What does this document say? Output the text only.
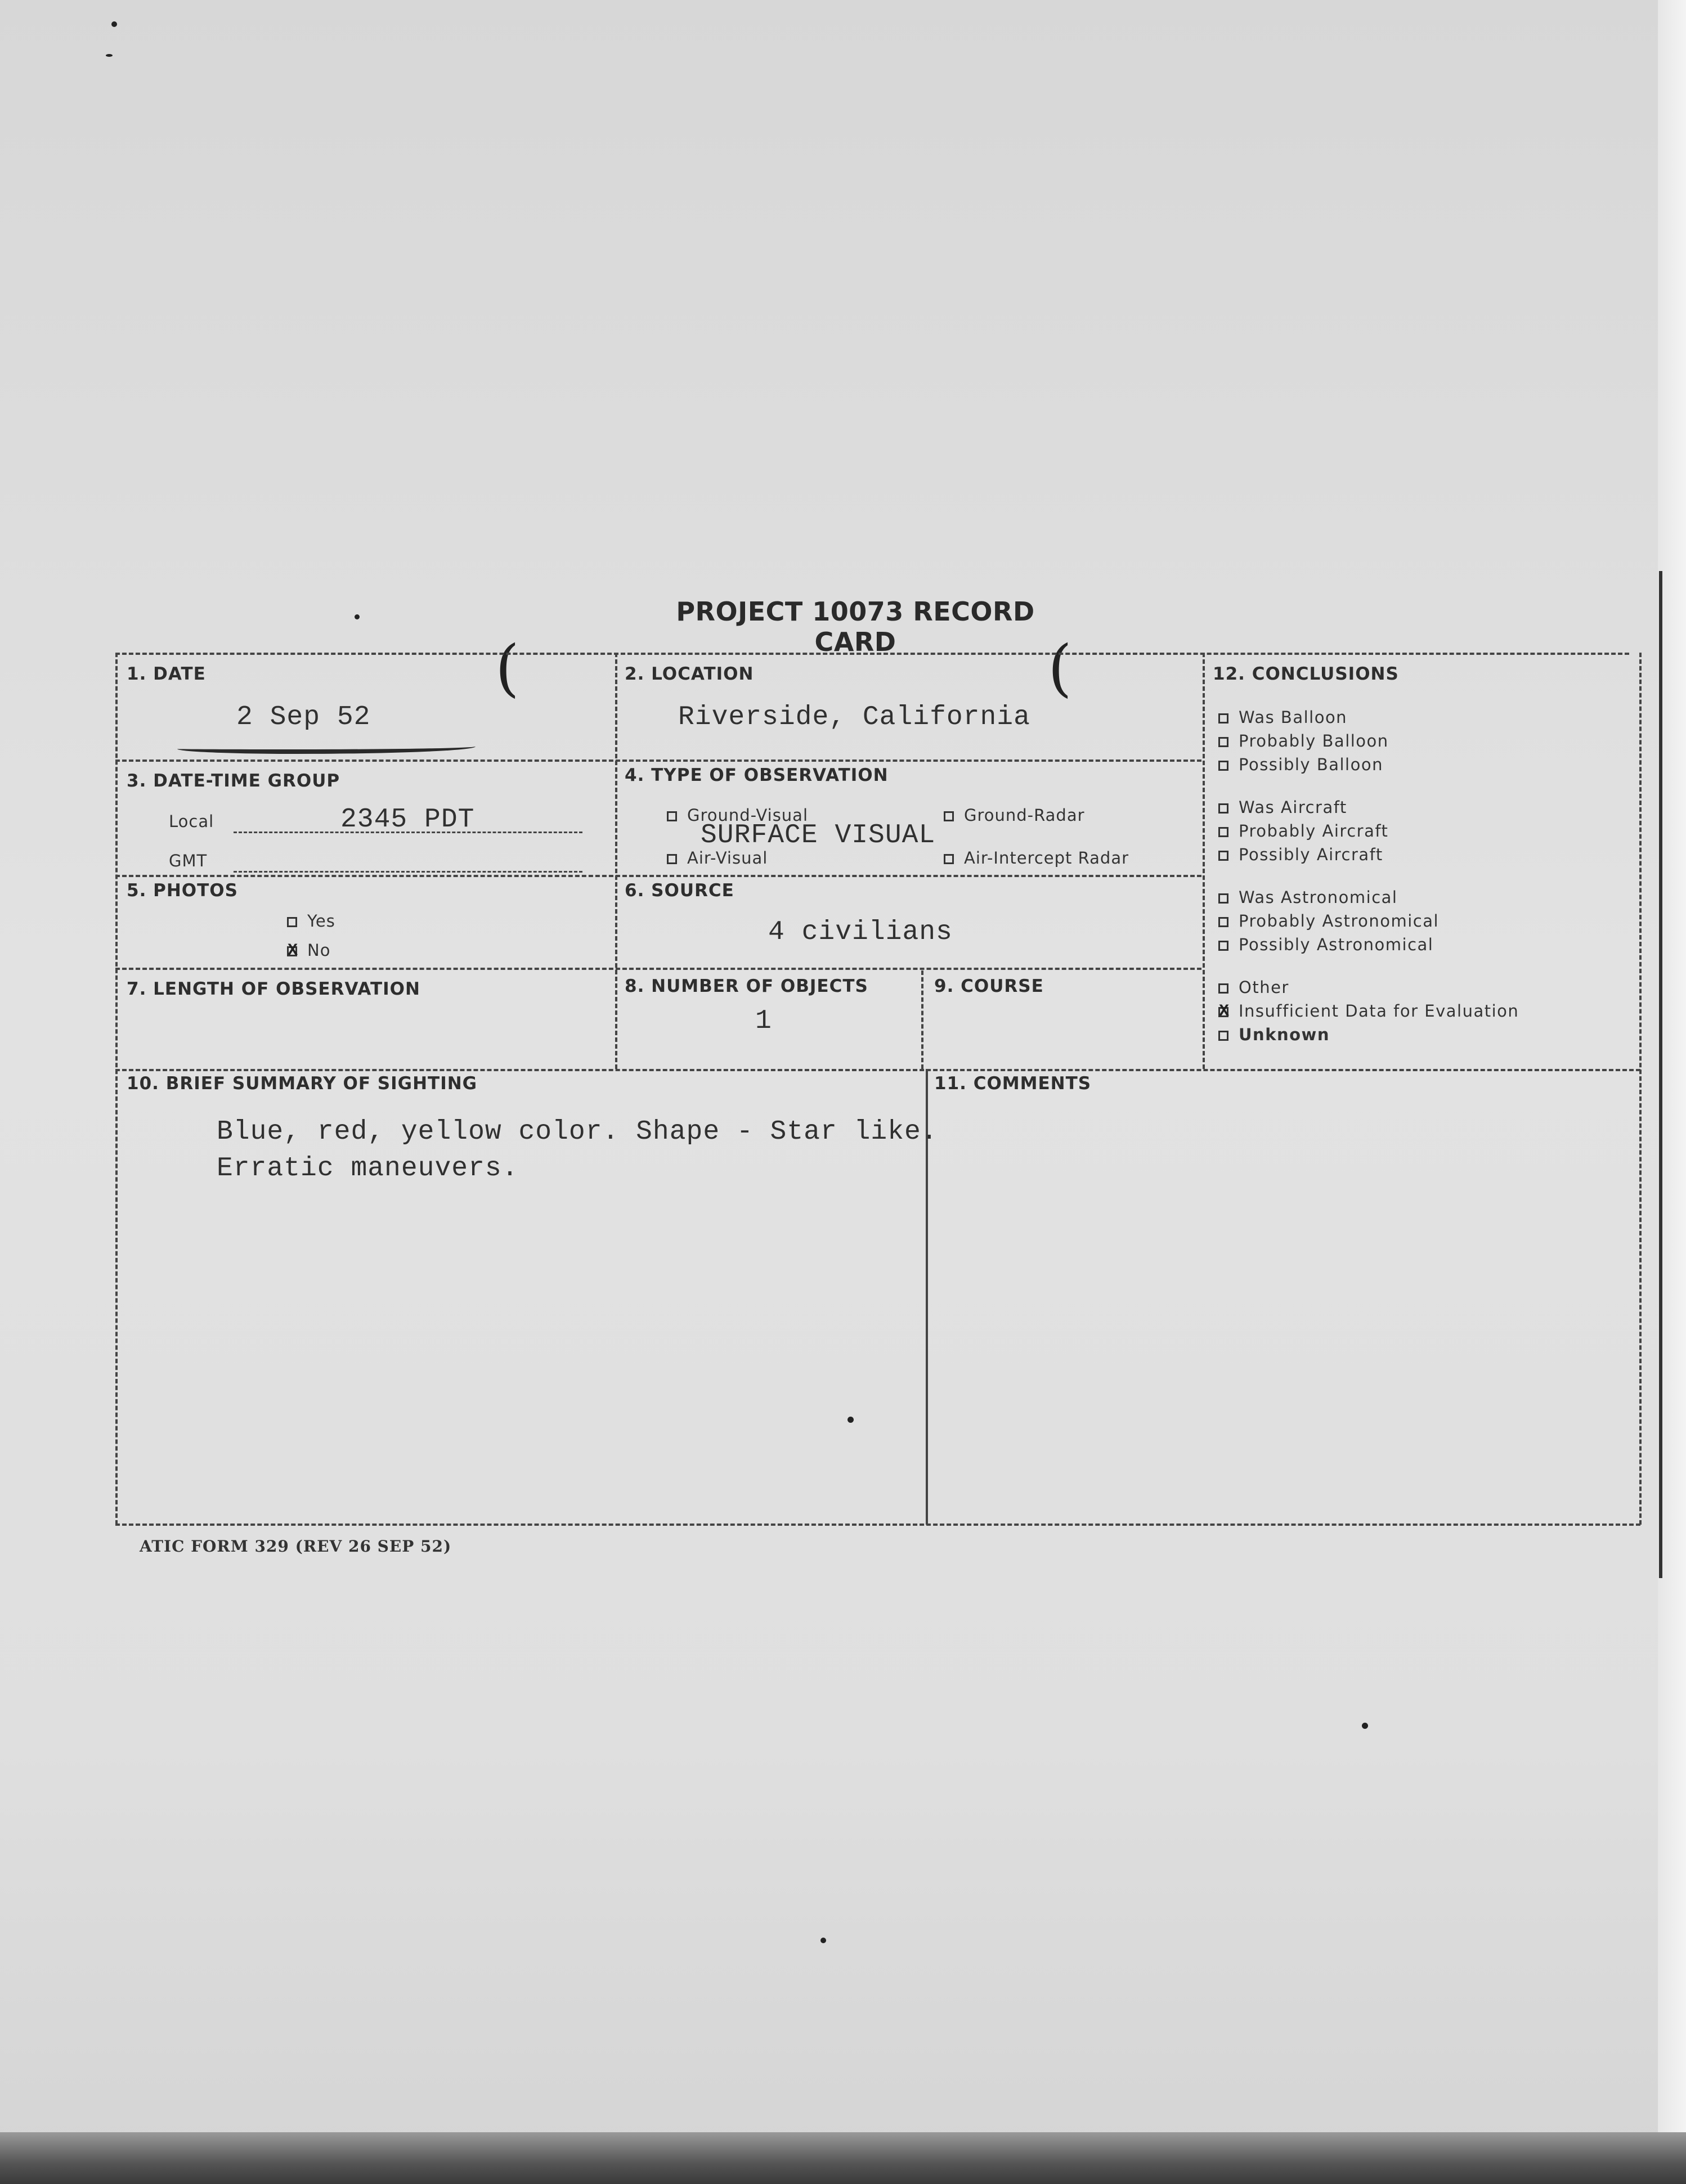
PROJECT 10073 RECORD CARD
(	(
1. DATE
2 Sep 52
2. LOCATION
Riverside, California
3. DATE-TIME GROUP
Local	2345 PDT
GMT
4. TYPE OF OBSERVATION
Ground-Visual	Ground-Radar
SURFACE VISUAL
Air-Visual	Air-Intercept Radar
5. PHOTOS
Yes
XNo
6. SOURCE
4 civilians
7. LENGTH OF OBSERVATION	8. NUMBER OF OBJECTS
1
9. COURSE
10. BRIEF SUMMARY OF SIGHTING
Blue, red, yellow color. Shape - Star like.
Erratic maneuvers.
11. COMMENTS
12. CONCLUSIONS
Was Balloon
Probably Balloon
Possibly Balloon
Was Aircraft
Probably Aircraft
Possibly Aircraft
Was Astronomical
Probably Astronomical
Possibly Astronomical
Other
XInsufficient Data for Evaluation
Unknown
ATIC FORM 329 (REV 26 SEP 52)
